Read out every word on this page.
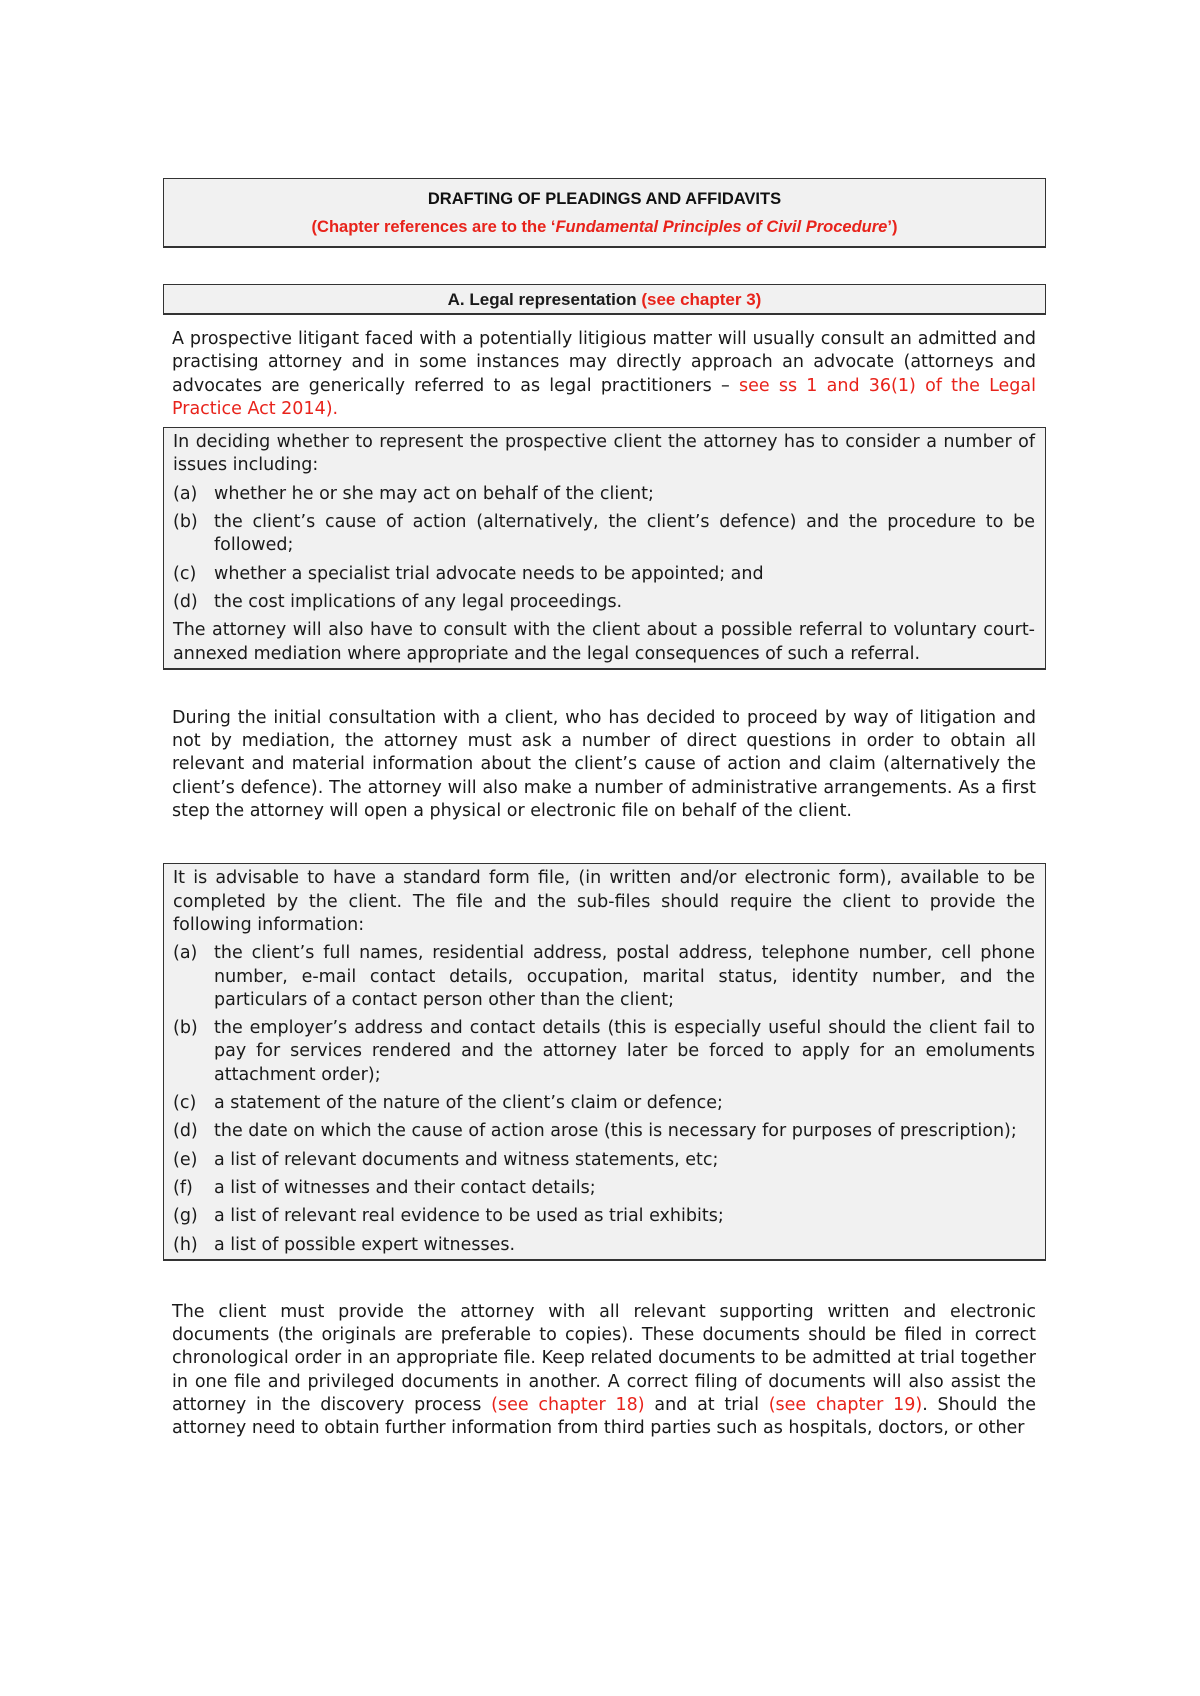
DRAFTING OF PLEADINGS AND AFFIDAVITS
(Chapter references are to the ‘Fundamental Principles of Civil Procedure’)
A. Legal representation (see chapter 3)
A prospective litigant faced with a potentially litigious matter will usually consult an admitted and practising attorney and in some instances may directly approach an advocate (attorneys and advocates are generically referred to as legal practitioners – see ss 1 and 36(1) of the Legal Practice Act 2014).

In deciding whether to represent the prospective client the attorney has to consider a number of issues including:

(a) whether he or she may act on behalf of the client;
(b) the client’s cause of action (alternatively, the client’s defence) and the procedure to be followed;
(c)	whether a specialist trial advocate needs to be appointed; and
(d) the cost implications of any legal proceedings.

The attorney will also have to consult with the client about a possible referral to voluntary court-annexed mediation where appropriate and the legal consequences of such a referral.

During the initial consultation with a client, who has decided to proceed by way of litigation and not by mediation, the attorney must ask a number of direct questions in order to obtain all relevant and material information about the client’s cause of action and claim (alternatively the client’s defence). The attorney will also make a number of administrative arrangements. As a first step the attorney will open a physical or electronic file on behalf of the client.

It is advisable to have a standard form file, (in written and/or electronic form), available to be completed by the client. The file and the sub-files should require the client to provide the following information:

(a) the client’s full names, residential address, postal address, telephone number, cell phone number, e-mail contact details, occupation, marital status, identity number, and the particulars of a contact person other than the client;
(b) the employer’s address and contact details (this is especially useful should the client fail to pay for services rendered and the attorney later be forced to apply for an emoluments attachment order);
(c)	a statement of the nature of the client’s claim or defence;
(d) the date on which the cause of action arose (this is necessary for purposes of prescription);
(e) a list of relevant documents and witness statements, etc;
(f)	a list of witnesses and their contact details;
(g) a list of relevant real evidence to be used as trial exhibits;
(h) a list of possible expert witnesses.
The client must provide the attorney with all relevant supporting written and electronic documents (the originals are preferable to copies). These documents should be filed in correct chronological order in an appropriate file. Keep related documents to be admitted at trial together in one file and privileged documents in another. A correct filing of documents will also assist the attorney in the discovery process (see chapter 18) and at trial (see chapter 19). Should the attorney need to obtain further information from third parties such as hospitals, doctors, or other
